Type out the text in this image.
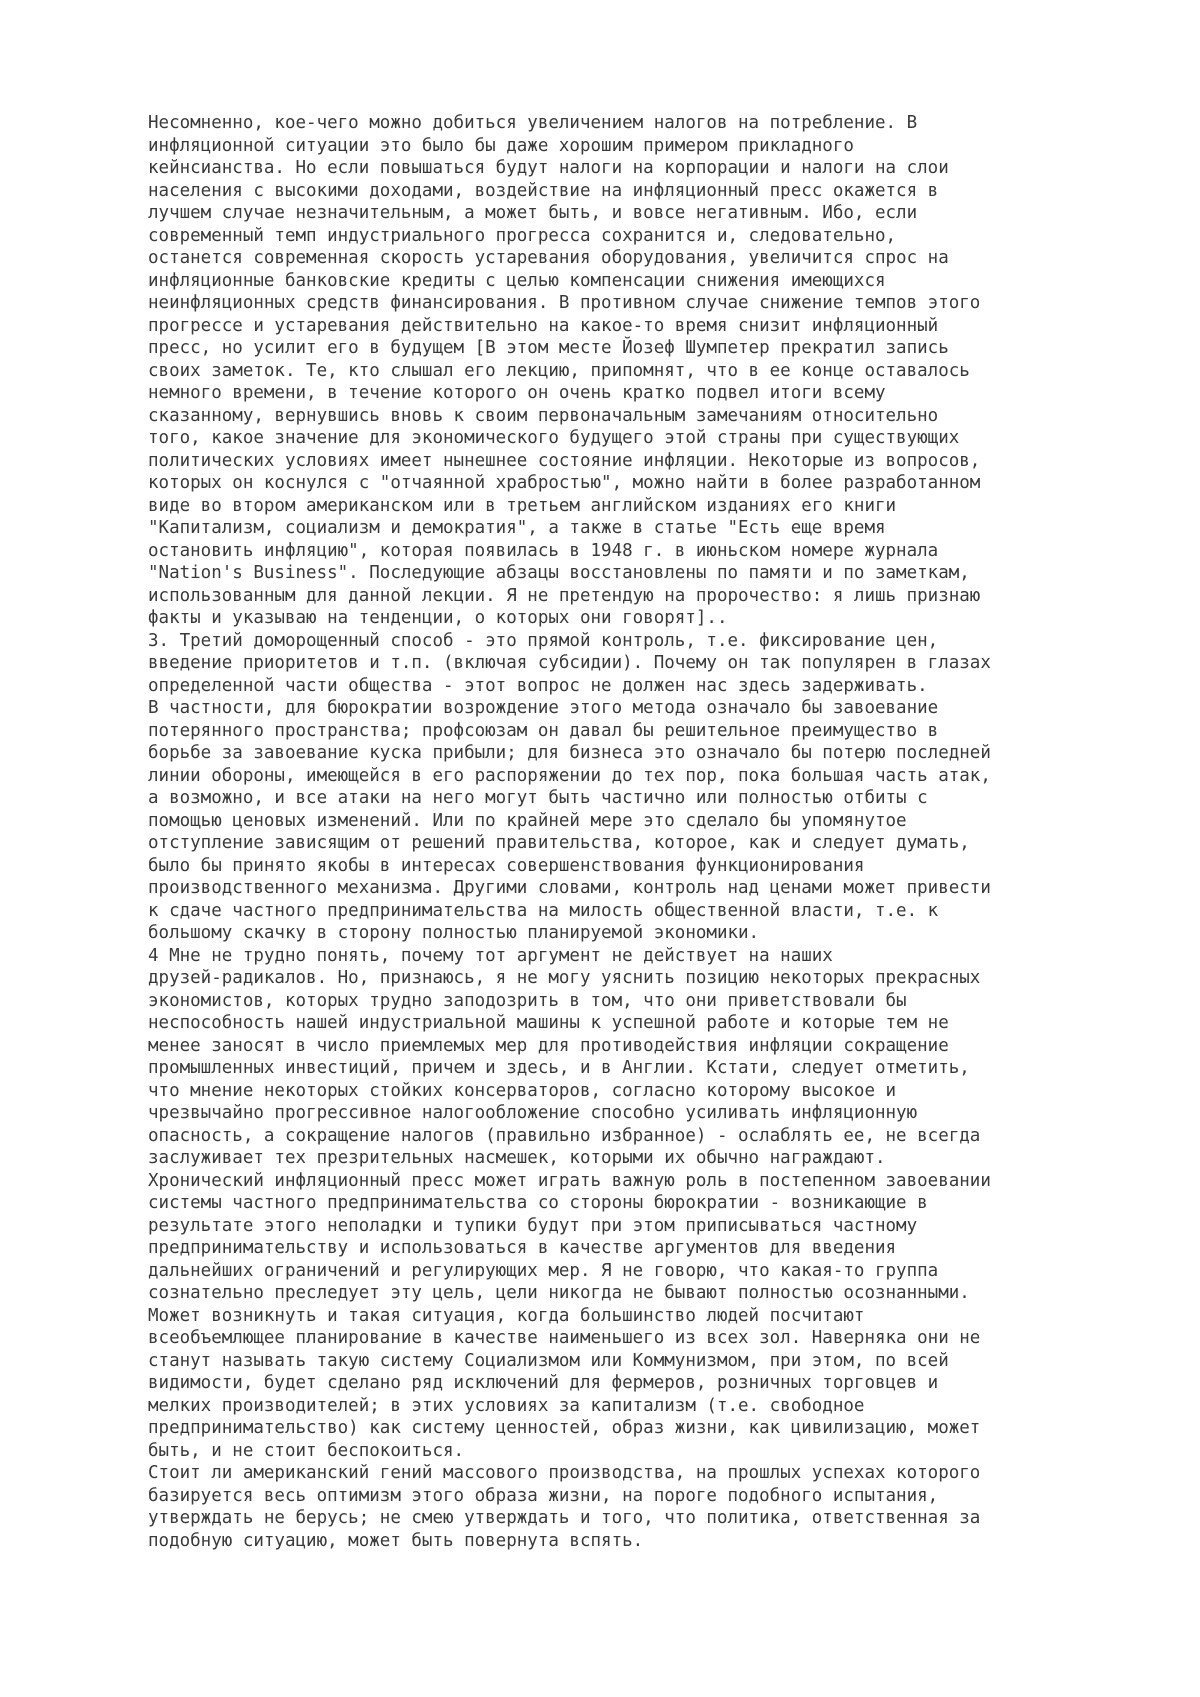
Несомненно, кое-чего можно добиться увеличением налогов на потребление. В
инфляционной ситуации это было бы даже хорошим примером прикладного
кейнсианства. Но если повышаться будут налоги на корпорации и налоги на слои
населения с высокими доходами, воздействие на инфляционный пресс окажется в
лучшем случае незначительным, а может быть, и вовсе негативным. Ибо, если
современный темп индустриального прогресса сохранится и, следовательно,
останется современная скорость устаревания оборудования, увеличится спрос на
инфляционные банковские кредиты с целью компенсации снижения имеющихся
неинфляционных средств финансирования. В противном случае снижение темпов этого
прогрессе и устаревания действительно на какое-то время снизит инфляционный
пресс, но усилит его в будущем [В этом месте Йозеф Шумпетер прекратил запись
своих заметок. Те, кто слышал его лекцию, припомнят, что в ее конце оставалось
немного времени, в течение которого он очень кратко подвел итоги всему
сказанному, вернувшись вновь к своим первоначальным замечаниям относительно
того, какое значение для экономического будущего этой страны при существующих
политических условиях имеет нынешнее состояние инфляции. Некоторые из вопросов,
которых он коснулся с "отчаянной храбростью", можно найти в более разработанном
виде во втором американском или в третьем английском изданиях его книги
"Капитализм, социализм и демократия", а также в статье "Есть еще время
остановить инфляцию", которая появилась в 1948 г. в июньском номере журнала
"Nation's Business". Последующие абзацы восстановлены по памяти и по заметкам,
использованным для данной лекции. Я не претендую на пророчество: я лишь признаю
факты и указываю на тенденции, о которых они говорят]..
3. Третий доморощенный способ - это прямой контроль, т.е. фиксирование цен,
введение приоритетов и т.п. (включая субсидии). Почему он так популярен в глазах
определенной части общества - этот вопрос не должен нас здесь задерживать.
В частности, для бюрократии возрождение этого метода означало бы завоевание
потерянного пространства; профсоюзам он давал бы решительное преимущество в
борьбе за завоевание куска прибыли; для бизнеса это означало бы потерю последней
линии обороны, имеющейся в его распоряжении до тех пор, пока большая часть атак,
а возможно, и все атаки на него могут быть частично или полностью отбиты с
помощью ценовых изменений. Или по крайней мере это сделало бы упомянутое
отступление зависящим от решений правительства, которое, как и следует думать,
было бы принято якобы в интересах совершенствования функционирования
производственного механизма. Другими словами, контроль над ценами может привести
к сдаче частного предпринимательства на милость общественной власти, т.е. к
большому скачку в сторону полностью планируемой экономики.
4 Мне не трудно понять, почему тот аргумент не действует на наших
друзей-радикалов. Но, признаюсь, я не могу уяснить позицию некоторых прекрасных
экономистов, которых трудно заподозрить в том, что они приветствовали бы
неспособность нашей индустриальной машины к успешной работе и которые тем не
менее заносят в число приемлемых мер для противодействия инфляции сокращение
промышленных инвестиций, причем и здесь, и в Англии. Кстати, следует отметить,
что мнение некоторых стойких консерваторов, согласно которому высокое и
чрезвычайно прогрессивное налогообложение способно усиливать инфляционную
опасность, а сокращение налогов (правильно избранное) - ослаблять ее, не всегда
заслуживает тех презрительных насмешек, которыми их обычно награждают.
Хронический инфляционный пресс может играть важную роль в постепенном завоевании
системы частного предпринимательства со стороны бюрократии - возникающие в
результате этого неполадки и тупики будут при этом приписываться частному
предпринимательству и использоваться в качестве аргументов для введения
дальнейших ограничений и регулирующих мер. Я не говорю, что какая-то группа
сознательно преследует эту цель, цели никогда не бывают полностью осознанными.
Может возникнуть и такая ситуация, когда большинство людей посчитают
всеобъемлющее планирование в качестве наименьшего из всех зол. Наверняка они не
станут называть такую систему Социализмом или Коммунизмом, при этом, по всей
видимости, будет сделано ряд исключений для фермеров, розничных торговцев и
мелких производителей; в этих условиях за капитализм (т.е. свободное
предпринимательство) как систему ценностей, образ жизни, как цивилизацию, может
быть, и не стоит беспокоиться.
Стоит ли американский гений массового производства, на прошлых успехах которого
базируется весь оптимизм этого образа жизни, на пороге подобного испытания,
утверждать не берусь; не смею утверждать и того, что политика, ответственная за
подобную ситуацию, может быть повернута вспять.
